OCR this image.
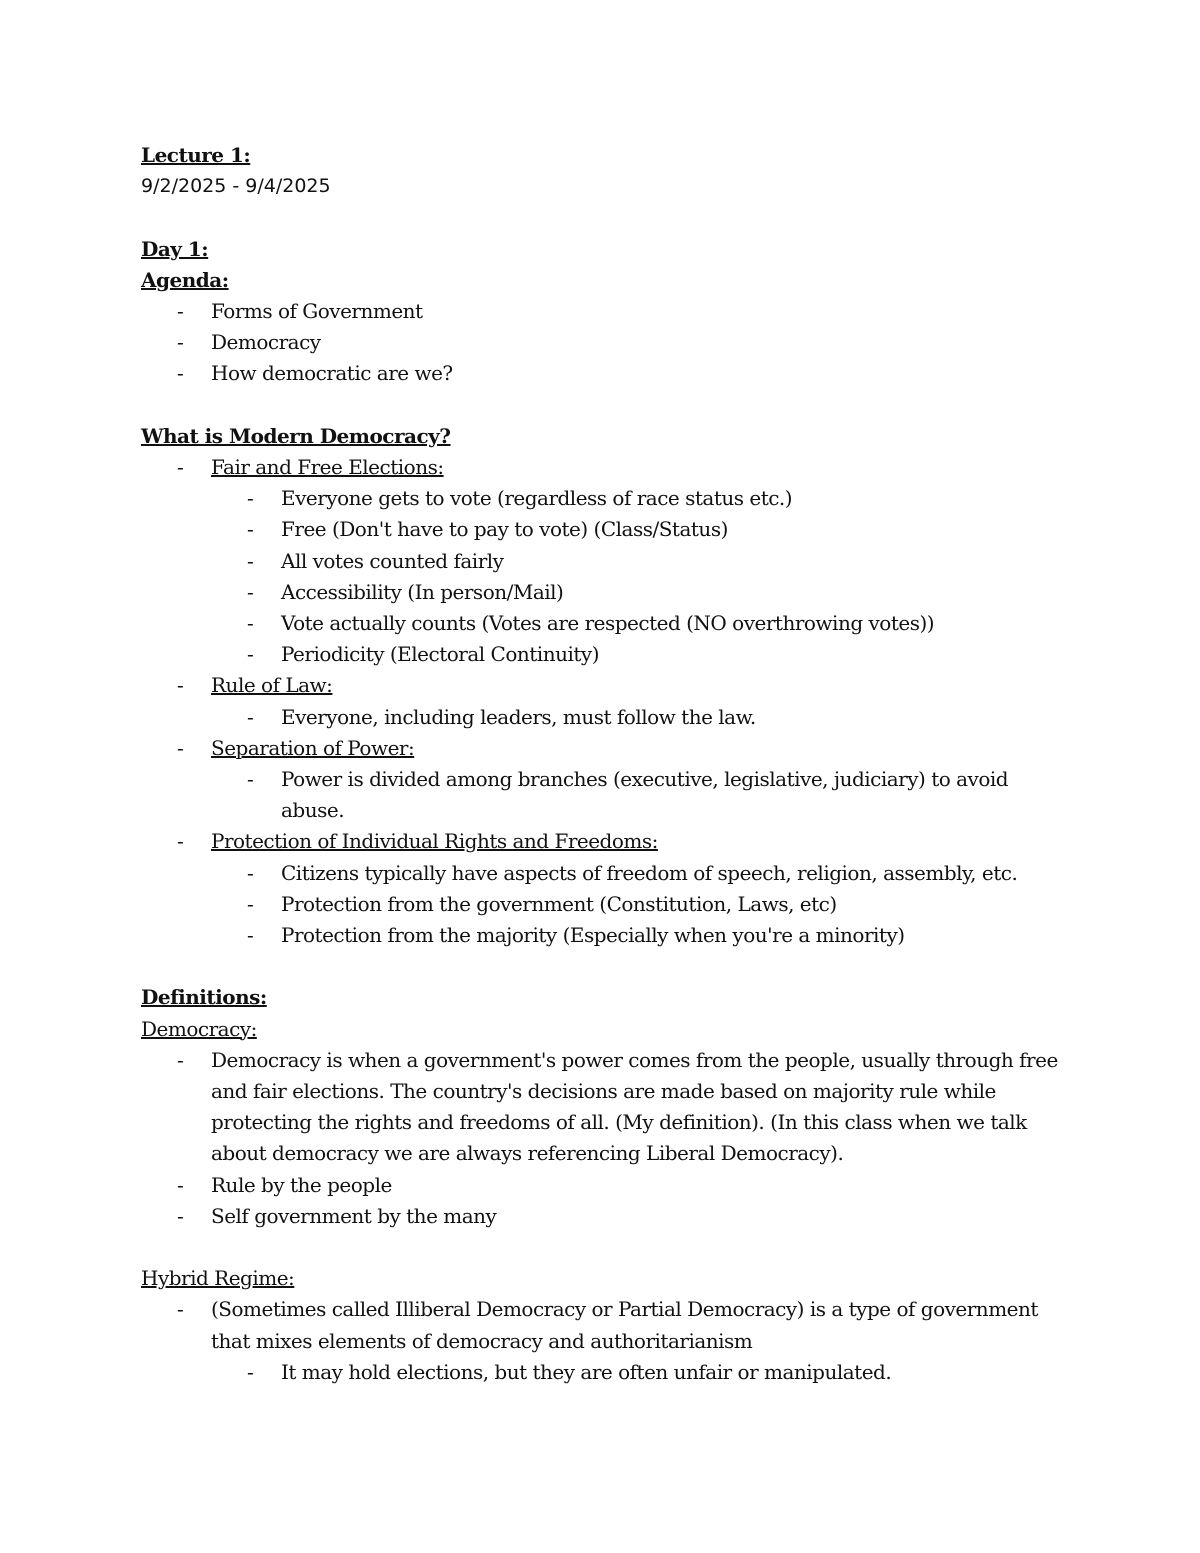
Lecture 1:
9/2/2025 - 9/4/2025
Day 1:
Agenda:
- Forms of Government
- Democracy
- How democratic are we?
What is Modern Democracy?
- Fair and Free Elections:
- Everyone gets to vote (regardless of race status etc.)
- Free (Don't have to pay to vote) (Class/Status)
- All votes counted fairly
- Accessibility (In person/Mail)
- Vote actually counts (Votes are respected (NO overthrowing votes))
- Periodicity (Electoral Continuity)
- Rule of Law:
- Everyone, including leaders, must follow the law.
- Separation of Power:
- Power is divided among branches (executive, legislative, judiciary) to avoid abuse.
- Protection of Individual Rights and Freedoms:
- Citizens typically have aspects of freedom of speech, religion, assembly, etc.
- Protection from the government (Constitution, Laws, etc)
- Protection from the majority (Especially when you're a minority)
Definitions:
Democracy:
- Democracy is when a government's power comes from the people, usually through free and fair elections. The country's decisions are made based on majority rule while protecting the rights and freedoms of all. (My definition). (In this class when we talk about democracy we are always referencing Liberal Democracy).
- Rule by the people
- Self government by the many
Hybrid Regime:
- (Sometimes called Illiberal Democracy or Partial Democracy) is a type of government that mixes elements of democracy and authoritarianism
- It may hold elections, but they are often unfair or manipulated.
